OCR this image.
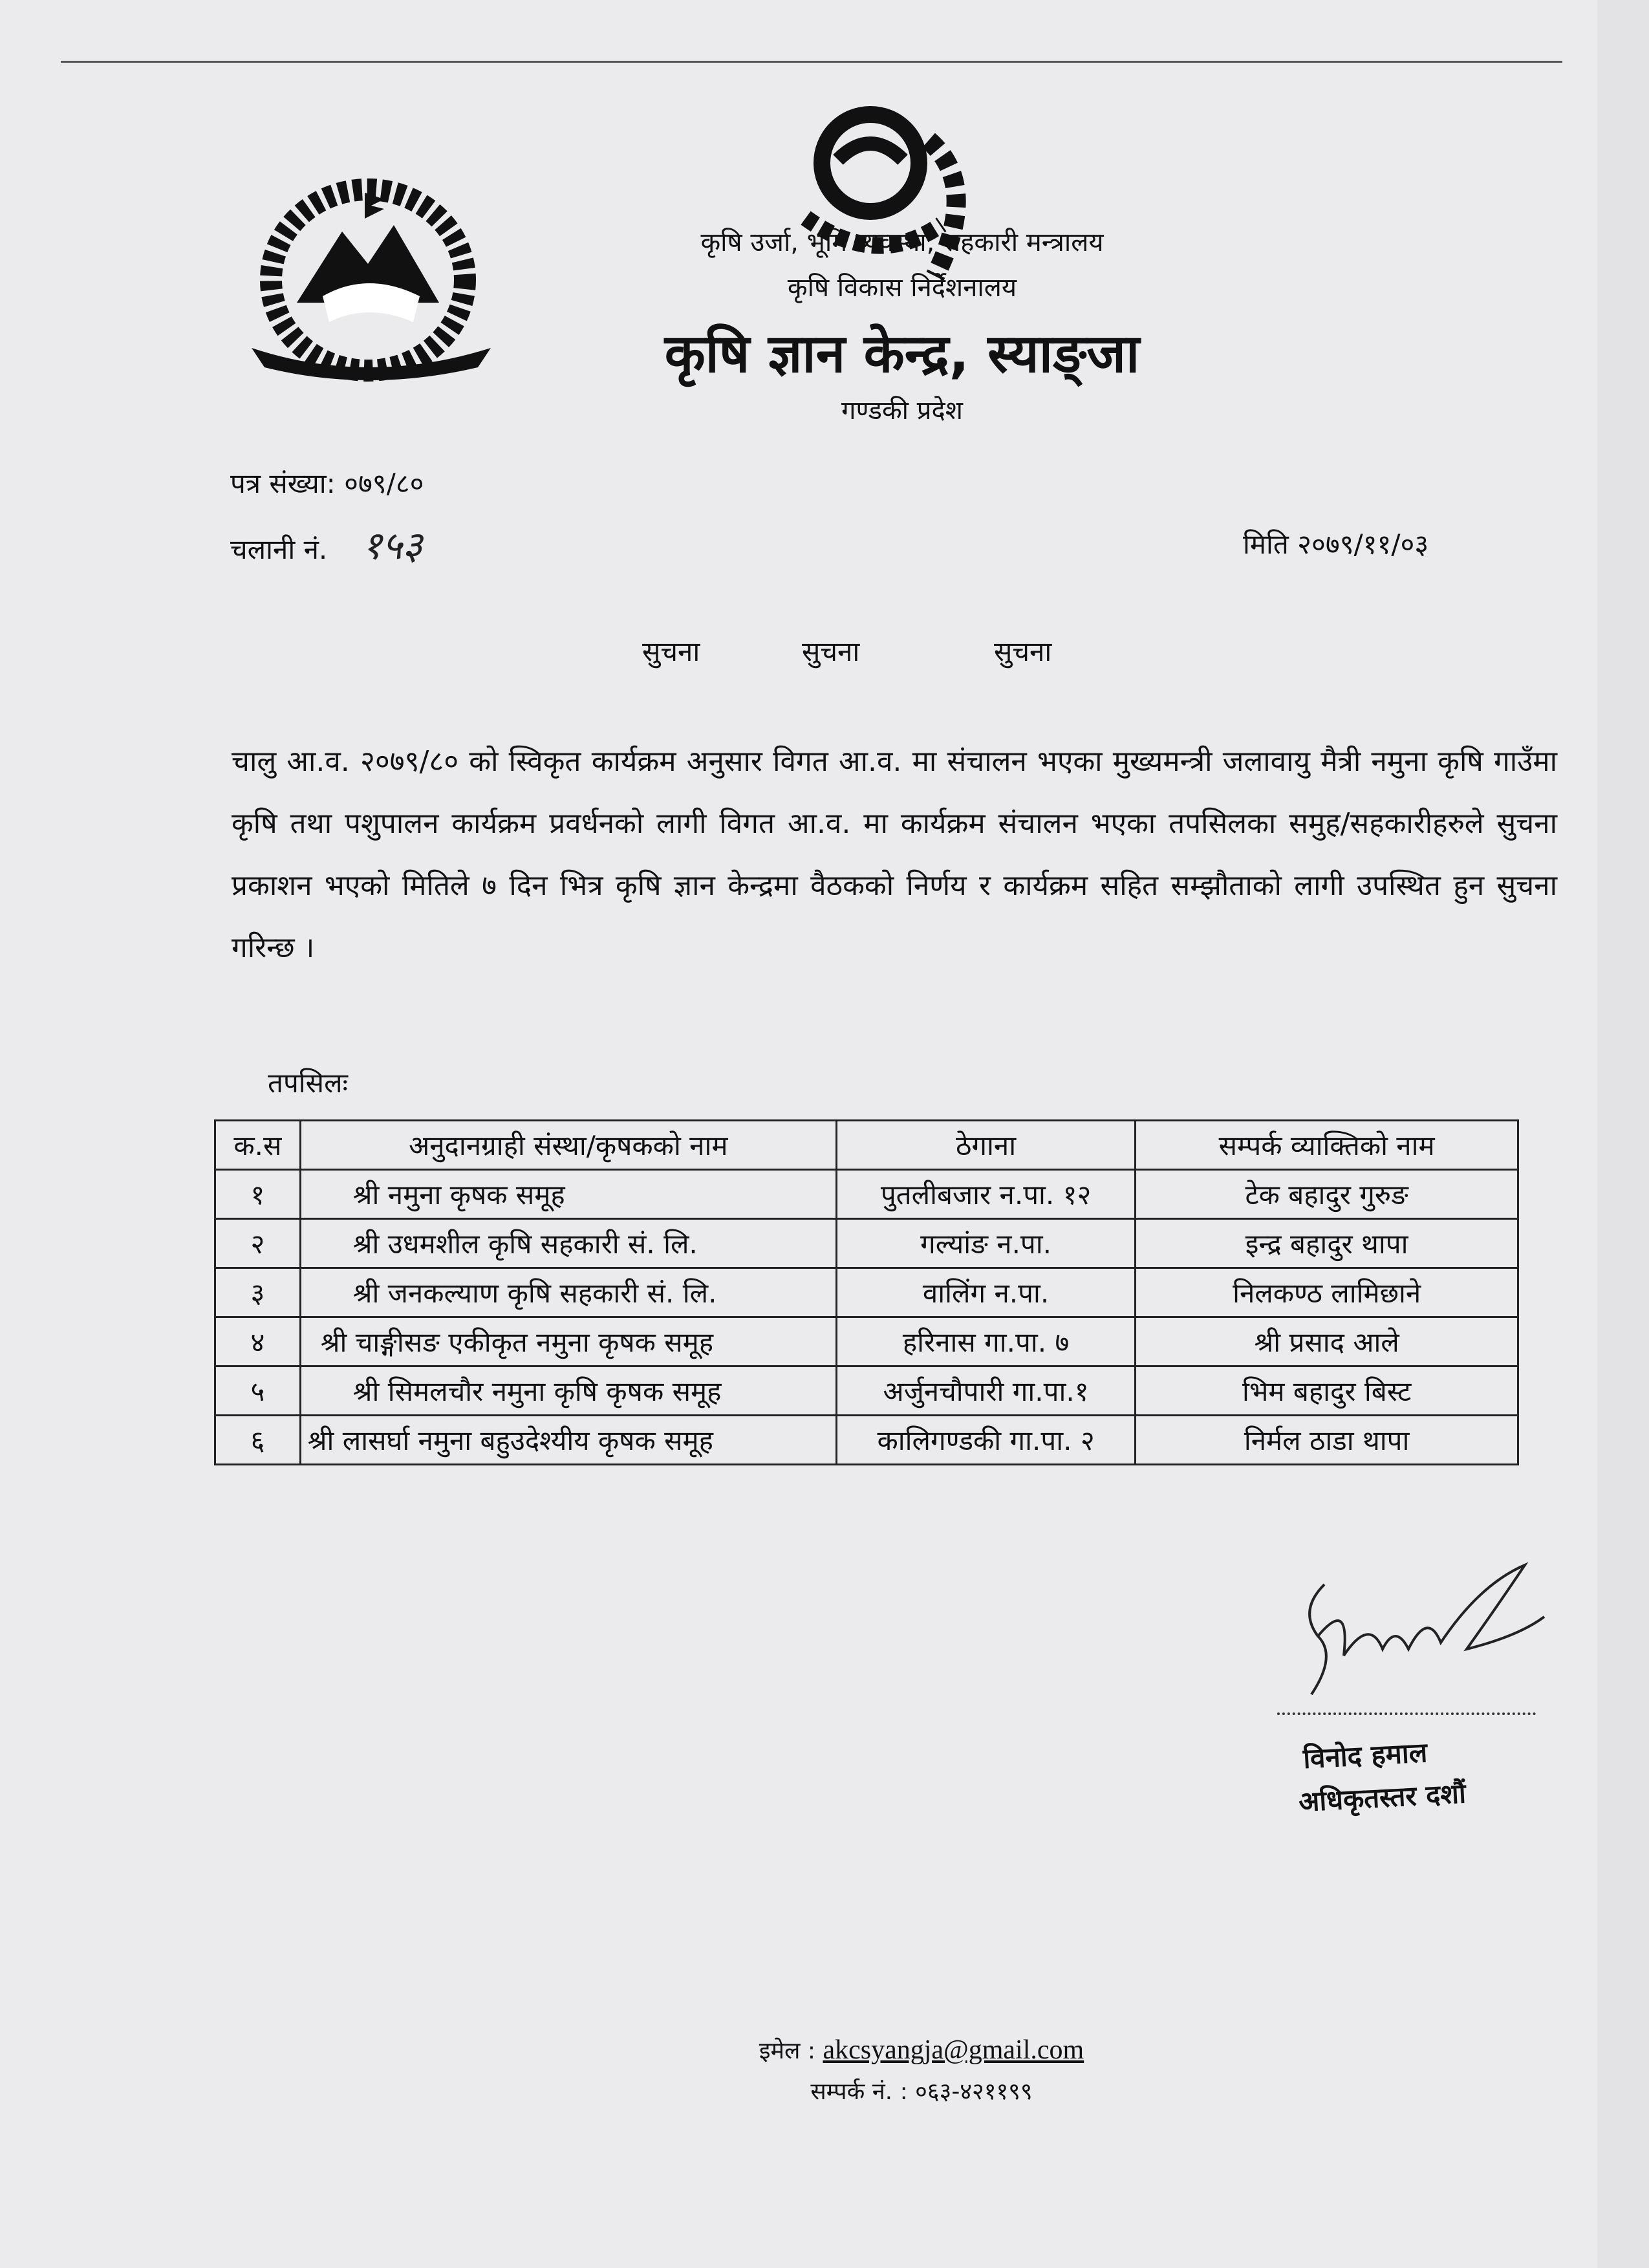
कृषि उर्जा, भूमि व्यवस्था, सहकारी मन्त्रालय
कृषि विकास निर्देशनालय
कृषि ज्ञान केन्द्र, स्याङ्जा
गण्डकी प्रदेश
पत्र संख्या: ०७९/८०
चलानी नं. १५३	मिति २०७९/११/०३
सुचना	सुचना	सुचना
चालु आ.व. २०७९/८० को स्विकृत कार्यक्रम अनुसार विगत आ.व. मा संचालन भएका मुख्यमन्त्री जलावायु मैत्री नमुना कृषि गाउँमा कृषि तथा पशुपालन कार्यक्रम प्रवर्धनको लागी विगत आ.व. मा कार्यक्रम संचालन भएका तपसिलका समुह/सहकारीहरुले सुचना प्रकाशन भएको मितिले ७ दिन भित्र कृषि ज्ञान केन्द्रमा वैठकको निर्णय र कार्यक्रम सहित सम्झौताको लागी उपस्थित हुन सुचना गरिन्छ ।
तपसिलः
क.स	अनुदानग्राही संस्था/कृषकको नाम	ठेगाना	सम्पर्क व्याक्तिको नाम
१	श्री नमुना कृषक समूह	पुतलीबजार न.पा. १२	टेक बहादुर गुरुङ
२	श्री उधमशील कृषि सहकारी सं. लि.	गल्यांङ न.पा.	इन्द्र बहादुर थापा
३	श्री जनकल्याण कृषि सहकारी सं. लि.	वालिंग न.पा.	निलकण्ठ लामिछाने
४	श्री चाङ्गीसङ एकीकृत नमुना कृषक समूह	हरिनास गा.पा. ७	श्री प्रसाद आले
५	श्री सिमलचौर नमुना कृषि कृषक समूह	अर्जुनचौपारी गा.पा.१	भिम बहादुर बिस्ट
६	श्री लासर्घा नमुना बहुउदेश्यीय कृषक समूह	कालिगण्डकी गा.पा. २	निर्मल ठाडा थापा
विनोद हमाल
अधिकृतस्तर दशौं
इमेल : akcsyangja@gmail.com
सम्पर्क नं. : ०६३-४२११९९
